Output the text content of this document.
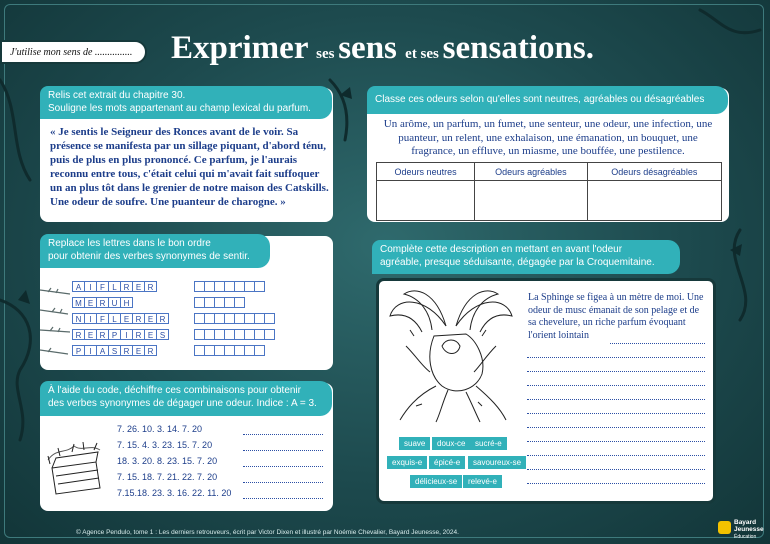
J'utilise mon sens de ...............	Exprimer ses sens et ses sensations.
Relis cet extrait du chapitre 30.
Souligne les mots appartenant au champ lexical du parfum.
« Je sentis le Seigneur des Ronces avant de le voir. Sa présence se manifesta par un sillage piquant, d'abord ténu, puis de plus en plus prononcé. Ce parfum, je l'aurais reconnu entre tous, c'était celui qui m'avait fait suffoquer un an plus tôt dans le grenier de notre maison des Catskills. Une odeur de soufre. Une puanteur de charogne. »
Replace les lettres dans le bon ordre
pour obtenir des verbes synonymes de sentir.
A	I	F L R E R
M E R U H
N I	F L E R E R
R E R P	I	R E S
P	I	A S R E R
À l'aide du code, déchiffre ces combinaisons pour obtenir
des verbes synonymes de dégager une odeur. Indice : A = 3.
7. 26. 10. 3. 14. 7. 20
7. 15. 4. 3. 23. 15. 7. 20
18. 3. 20. 8. 23. 15. 7. 20
7. 15. 18. 7. 21. 22. 7. 20
7.15.18. 23. 3. 16. 22. 11. 20
Classe ces odeurs selon qu'elles sont neutres, agréables ou désagréables
Un arôme, un parfum, un fumet, une senteur, une odeur, une infection, une puanteur, un relent, une exhalaison, une émanation, un bouquet, une fragrance, un effluve, un miasme, une bouffée, une pestilence.
Odeurs neutres	Odeurs agréables	Odeurs désagréables

Complète cette description en mettant en avant l'odeur
agréable, presque séduisante, dégagée par la Croquemitaine.
La Sphinge se figea à un mètre de moi. Une odeur de musc émanait de son pelage et de sa chevelure, un riche parfum évoquant l'orient lointain
suave	doux-ce	sucré-e
exquis-e	épicé-e	savoureux-se
délicieux-se	relevé-e
© Agence Pendulo, tome 1 : Les derniers retrouveurs, écrit par Victor Dixen et illustré par Noémie Chevalier, Bayard Jeunesse, 2024.
Bayard
Jeunesse
Éducation
